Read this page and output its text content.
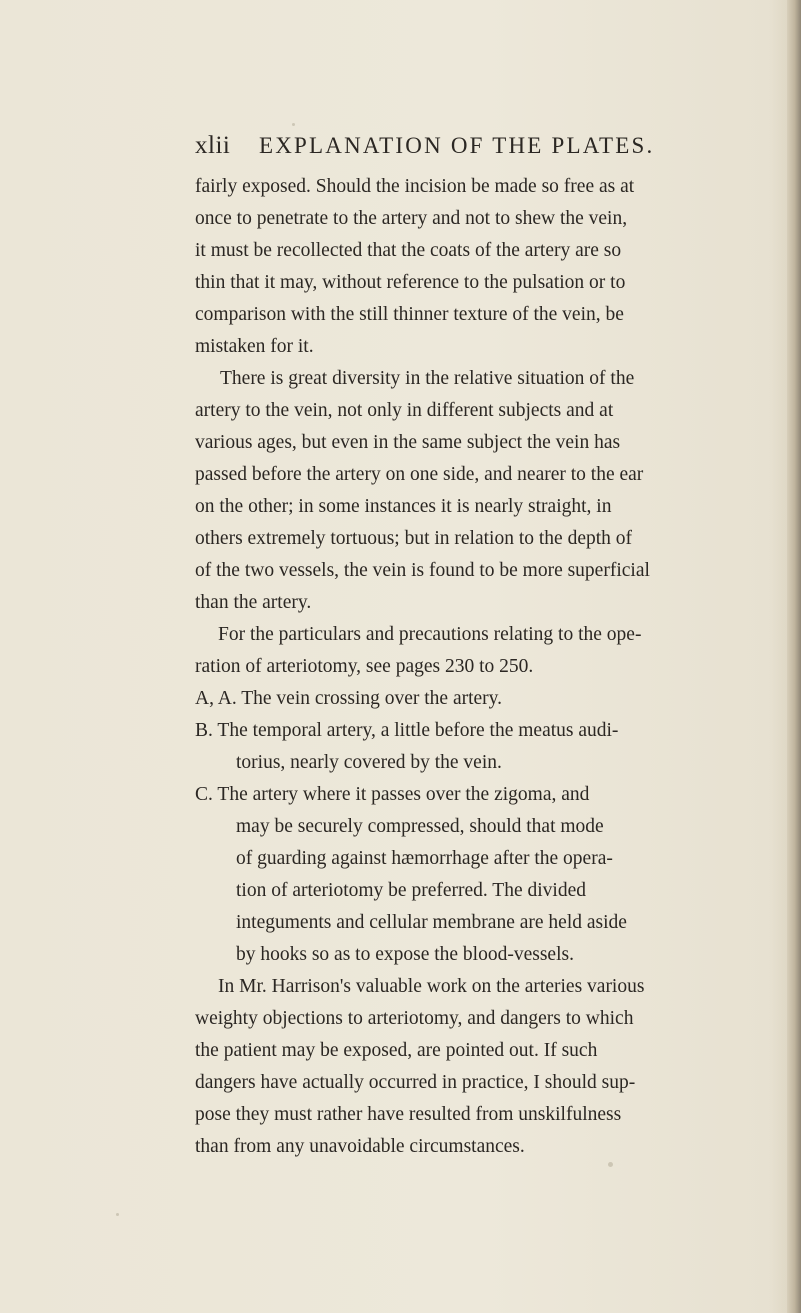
xlii EXPLANATION OF THE PLATES.
fairly exposed. Should the incision be made so free as at
once to penetrate to the artery and not to shew the vein,
it must be recollected that the coats of the artery are so
thin that it may, without reference to the pulsation or to
comparison with the still thinner texture of the vein, be
mistaken for it.
There is great diversity in the relative situation of the
artery to the vein, not only in different subjects and at
various ages, but even in the same subject the vein has
passed before the artery on one side, and nearer to the ear
on the other; in some instances it is nearly straight, in
others extremely tortuous; but in relation to the depth of
of the two vessels, the vein is found to be more superficial
than the artery.
For the particulars and precautions relating to the ope-
ration of arteriotomy, see pages 230 to 250.
A, A. The vein crossing over the artery.
B. The temporal artery, a little before the meatus audi-
torius, nearly covered by the vein.
C. The artery where it passes over the zigoma, and
may be securely compressed, should that mode
of guarding against hæmorrhage after the opera-
tion of arteriotomy be preferred. The divided
integuments and cellular membrane are held aside
by hooks so as to expose the blood-vessels.
In Mr. Harrison's valuable work on the arteries various
weighty objections to arteriotomy, and dangers to which
the patient may be exposed, are pointed out. If such
dangers have actually occurred in practice, I should sup-
pose they must rather have resulted from unskilfulness
than from any unavoidable circumstances.
